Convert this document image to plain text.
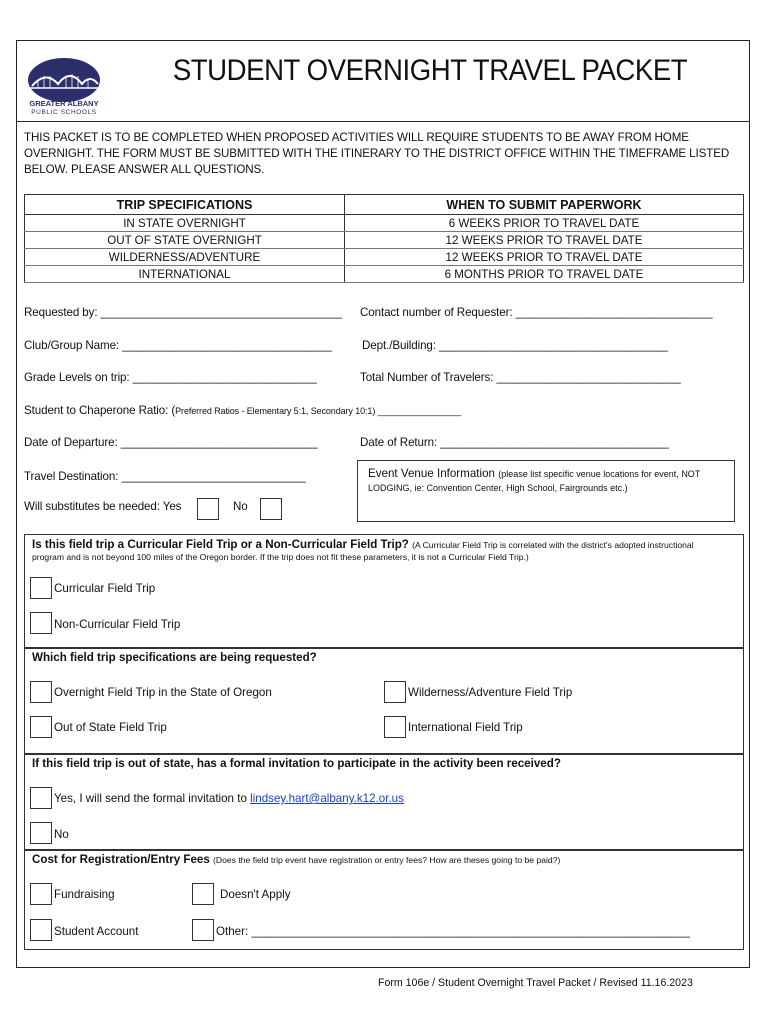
GREATER ALBANY
PUBLIC SCHOOLS
STUDENT OVERNIGHT TRAVEL PACKET
THIS PACKET IS TO BE COMPLETED WHEN PROPOSED ACTIVITIES WILL REQUIRE STUDENTS TO BE AWAY FROM HOME OVERNIGHT. THE FORM MUST BE SUBMITTED WITH THE ITINERARY TO THE DISTRICT OFFICE WITHIN THE TIMEFRAME LISTED BELOW. PLEASE ANSWER ALL QUESTIONS.
TRIP SPECIFICATIONS	WHEN TO SUBMIT PAPERWORK
IN STATE OVERNIGHT	6 WEEKS PRIOR TO TRAVEL DATE
OUT OF STATE OVERNIGHT	12 WEEKS PRIOR TO TRAVEL DATE
WILDERNESS/ADVENTURE	12 WEEKS PRIOR TO TRAVEL DATE
INTERNATIONAL	6 MONTHS PRIOR TO TRAVEL DATE
Requested by: ______________________________________ Contact number of Requester: _______________________________
Club/Group Name: _________________________________	Dept./Building: ____________________________________
Grade Levels on trip: _____________________________	Total Number of Travelers: _____________________________
Student to Chaperone Ratio: (Preferred Ratios - Elementary 5:1, Secondary 10:1) _________________
Date of Departure: _______________________________	Date of Return: ____________________________________
Travel Destination: _____________________________
Will substitutes be needed: Yes	No
Event Venue Information (please list specific venue locations for event, NOT
LODGING, ie: Convention Center, High School, Fairgrounds etc.)
Is this field trip a Curricular Field Trip or a Non-Curricular Field Trip? (A Curricular Field Trip is correlated with the district's adopted instructional
program and is not beyond 100 miles of the Oregon border. If the trip does not fit these parameters, it is not a Curricular Field Trip.)
Curricular Field Trip
Non-Curricular Field Trip
Which field trip specifications are being requested?
Overnight Field Trip in the State of Oregon	Wilderness/Adventure Field Trip
Out of State Field Trip	International Field Trip
If this field trip is out of state, has a formal invitation to participate in the activity been received?
Yes, I will send the formal invitation to lindsey.hart@albany.k12.or.us
No
Cost for Registration/Entry Fees (Does the field trip event have registration or entry fees? How are theses going to be paid?)
Fundraising	Doesn't Apply
Student Account	Other: ____________________________________________________________________
Form 106e / Student Overnight Travel Packet / Revised 11.16.2023
